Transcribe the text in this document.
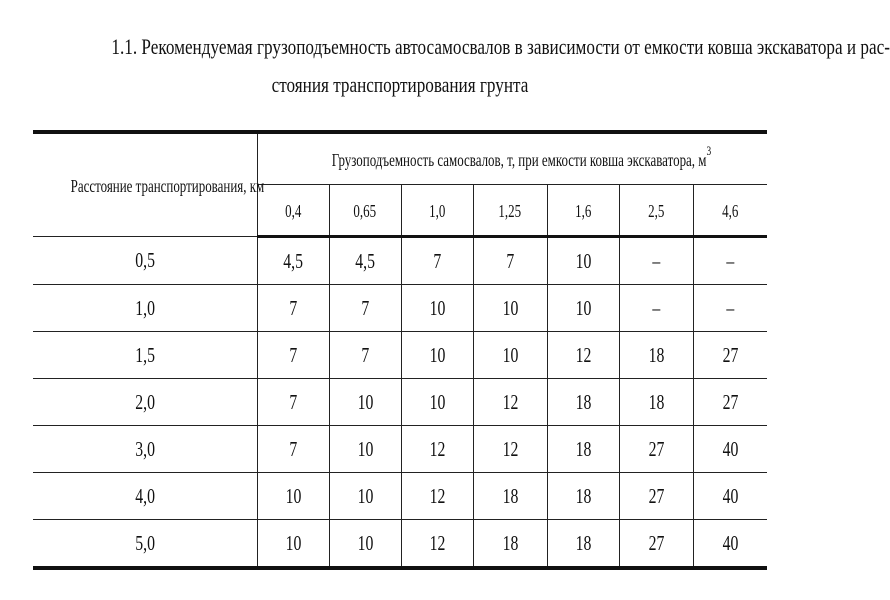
1.1. Рекомендуемая грузоподъемность автосамосвалов в зависимости от емкости ковша экскаватора и рас-
стояния транспортирования грунта
Расстояние транспортирования, км	Грузоподъемность самосвалов, т, при емкости ковша экскаватора, $м^3$
	0,4	0,65	1,0	1,25	1,6	2,5	4,6
0,5	4,5	4,5	7	7	10	–	–
1,0	7	7	10	10	10	–	–
1,5	7	7	10	10	12	18	27
2,0	7	10	10	12	18	18	27
3,0	7	10	12	12	18	27	40
4,0	10	10	12	18	18	27	40
5,0	10	10	12	18	18	27	40
